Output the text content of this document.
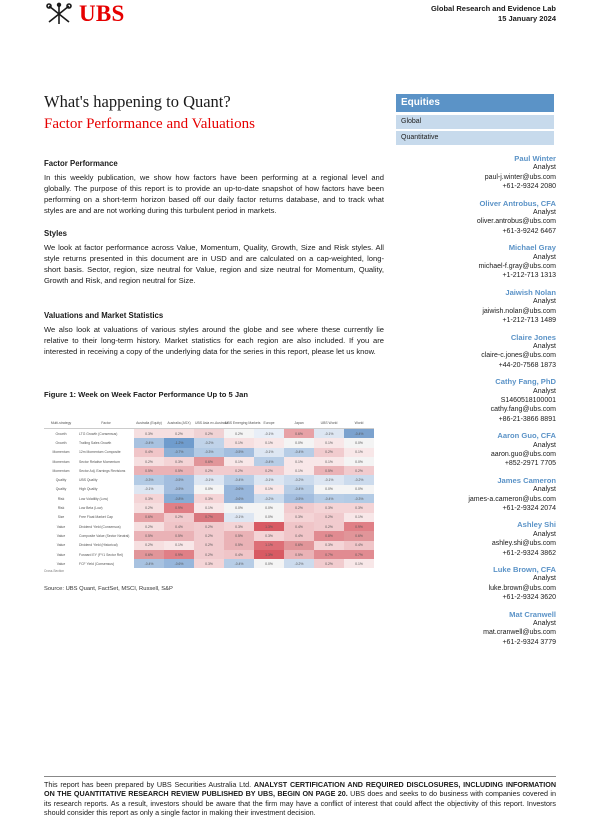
UBS	Global Research and Evidence Lab
15 January 2024
What's happening to Quant?
Factor Performance and Valuations
Equities
Global
Quantitative
Factor Performance

In this weekly publication, we show how factors have been performing at a regional level and globally. The purpose of this report is to provide an up-to-date snapshot of how factors have been performing on a short-term horizon based off our daily factor returns database, and to track what styles are and are not working during this turbulent period in markets.

Styles

We look at factor performance across Value, Momentum, Quality, Growth, Size and Risk styles. All style returns presented in this document are in USD and are calculated on a cap-weighted, long-short basis. Sector, region, size neutral for Value, region and size neutral for Momentum, Quality, Growth and Risk, and region neutral for Size.

Valuations and Market Statistics

We also look at valuations of various styles around the globe and see where these currently lie relative to their long-term history. Market statistics for each region are also included. If you are interested in receiving a copy of the underlying data for the series in this report, please let us know.

Paul Winter
Analyst
paul-j.winter@ubs.com
+61-2-9324 2080
Oliver Antrobus, CFA
Analyst
oliver.antrobus@ubs.com
+61-3-9242 6467
Michael Gray
Analyst
michael-f.gray@ubs.com
+1-212-713 1313
Jaiwish Nolan
Analyst
jaiwish.nolan@ubs.com
+1-212-713 1489
Claire Jones
Analyst
claire-c.jones@ubs.com
+44-20-7568 1873
Cathy Fang, PhD
Analyst
S1460518100001
cathy.fang@ubs.com
+86-21-3866 8891
Aaron Guo, CFA
Analyst
aaron.guo@ubs.com
+852-2971 7705
James Cameron
Analyst
james-a.cameron@ubs.com
+61-2-9324 2074
Ashley Shi
Analyst
ashley.shi@ubs.com
+61-2-9324 3862
Luke Brown, CFA
Analyst
luke.brown@ubs.com
+61-2-9324 3620
Mat Cranwell
Analyst
mat.cranwell@ubs.com
+61-2-9324 3779
Figure 1: Week on Week Factor Performance Up to 5 Jan
Multi-strategy	Factor	Australia (Equity)	Australia (ASX)	UBS Asia ex-Australia	UBS Emerging Markets	Europe	Japan	UBS World	World
Growth	LTG Growth (Consensus)	0.3%	0.2%	0.2%	0.2%	-0.1%	0.6%	-0.1%	-0.4%
Growth	Trailing Sales Growth	-0.4%	-1.2%	-0.2%	0.1%	0.1%	0.0%	0.1%	0.0%
Momentum	12m Momentum Composite	0.4%	-0.7%	-0.3%	-0.5%	-0.1%	-0.4%	0.2%	0.1%
Momentum	Sector Relative Momentum	0.2%	0.3%	0.6%	0.1%	-0.4%	0.1%	0.1%	0.0%
Momentum	Sector Adj. Earnings Revisions	0.5%	0.5%	0.2%	0.2%	0.2%	0.1%	0.5%	0.2%
Quality	UBS Quality	-0.3%	-0.5%	-0.1%	-0.4%	-0.1%	-0.2%	-0.1%	-0.2%
Quality	High Quality	-0.1%	-0.5%	0.0%	-0.6%	0.1%	-0.4%	0.0%	0.0%
Risk	Low Volatility (Low)	0.3%	-0.8%	0.3%	-0.6%	-0.2%	-0.5%	-0.4%	-0.3%
Risk	Low Beta (Low)	0.2%	0.9%	0.1%	0.0%	0.0%	0.2%	0.3%	0.3%
Size	Free Float Market Cap	0.6%	0.2%	0.7%	-0.1%	0.0%	0.3%	0.2%	0.1%
Value	Dividend Yield (Consensus)	0.2%	0.4%	0.2%	0.3%	1.3%	0.4%	0.2%	0.9%
Value	Composite Value (Sector Neutral)	0.5%	0.5%	0.2%	0.5%	0.3%	0.4%	0.8%	0.6%
Value	Dividend Yield (Historical)	0.2%	0.1%	0.2%	0.5%	1.1%	0.6%	0.3%	0.4%
Value	Forward EY (FY1 Sector Rel)	0.6%	0.9%	0.2%	0.4%	1.3%	0.5%	0.7%	0.7%
Value	FCF Yield (Consensus)	-0.4%	-0.6%	0.3%	-0.4%	0.0%	-0.2%	0.2%	0.1%
Cross-Section
Source: UBS Quant, FactSet, MSCI, Russell, S&P
This report has been prepared by UBS Securities Australia Ltd. ANALYST CERTIFICATION AND REQUIRED DISCLOSURES, INCLUDING INFORMATION ON THE QUANTITATIVE RESEARCH REVIEW PUBLISHED BY UBS, BEGIN ON PAGE 20. UBS does and seeks to do business with companies covered in its research reports. As a result, investors should be aware that the firm may have a conflict of interest that could affect the objectivity of this report. Investors should consider this report as only a single factor in making their investment decision.
